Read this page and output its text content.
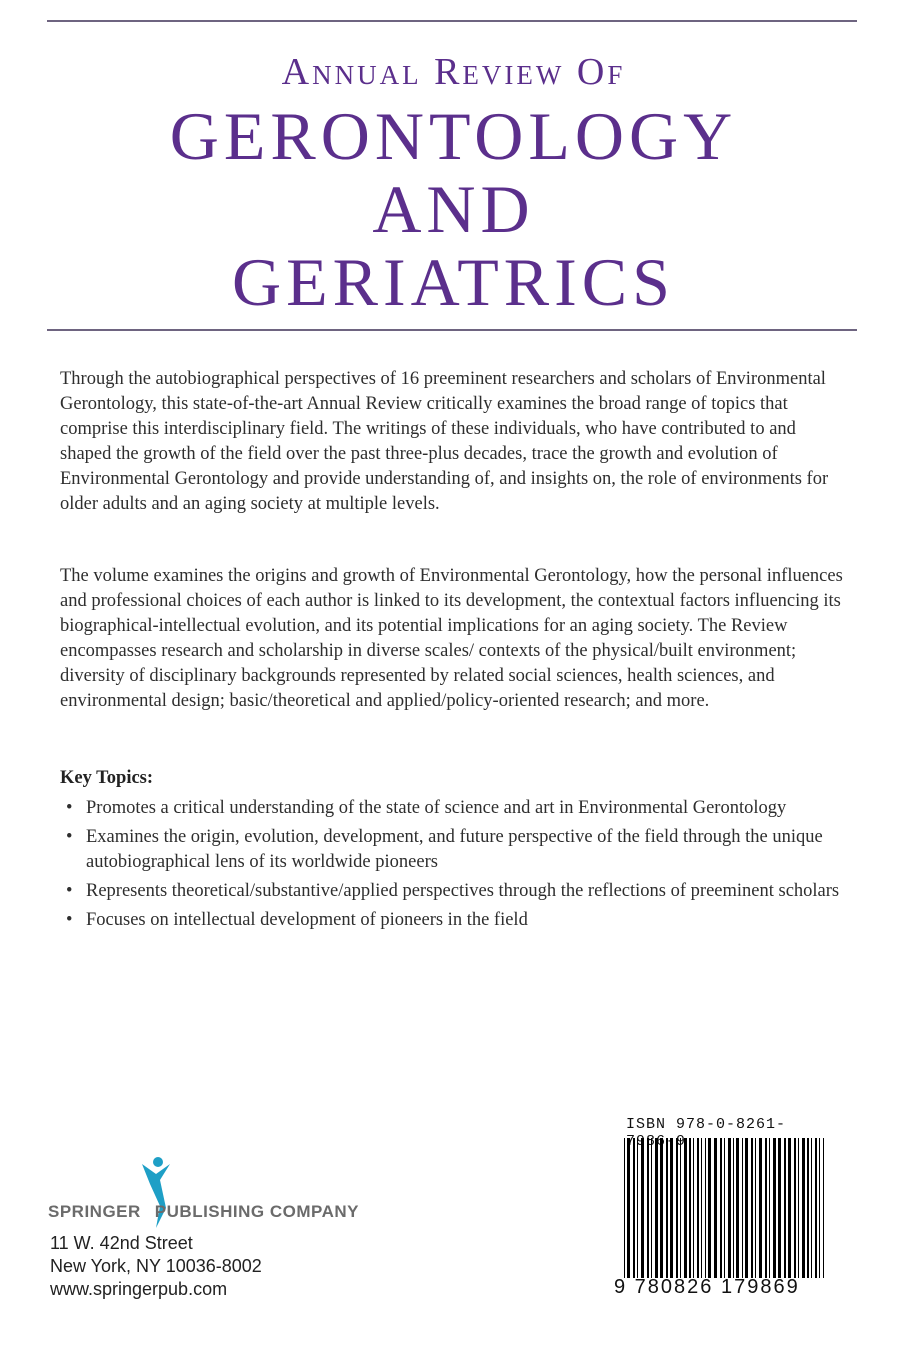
Annual Review Of
GERONTOLOGY
AND
GERIATRICS

Through the autobiographical perspectives of 16 preeminent researchers and scholars of Environmental Gerontology, this state-of-the-art Annual Review critically examines the broad range of topics that comprise this interdisciplinary field. The writings of these individuals, who have contributed to and shaped the growth of the field over the past three-plus decades, trace the growth and evolution of Environmental Gerontology and provide understanding of, and insights on, the role of environments for older adults and an aging society at multiple levels.

The volume examines the origins and growth of Environmental Gerontology, how the personal influences and professional choices of each author is linked to its development, the contextual factors influencing its biographical-intellectual evolution, and its potential implications for an aging society. The Review encompasses research and scholarship in diverse scales/ contexts of the physical/built environment; diversity of disciplinary backgrounds represented by related social sciences, health sciences, and environmental design; basic/theoretical and applied/policy-oriented research; and more.

Key Topics:
• Promotes a critical understanding of the state of science and art in Environmental Gerontology
• Examines the origin, evolution, development, and future perspective of the field through the unique autobiographical lens of its worldwide pioneers
• Represents theoretical/substantive/applied perspectives through the reflections of preeminent scholars
• Focuses on intellectual development of pioneers in the field
SPRINGER PUBLISHING COMPANY
11 W. 42nd Street
New York, NY 10036-8002
www.springerpub.com
ISBN 978-0-8261-798 9
9 780826 179869
